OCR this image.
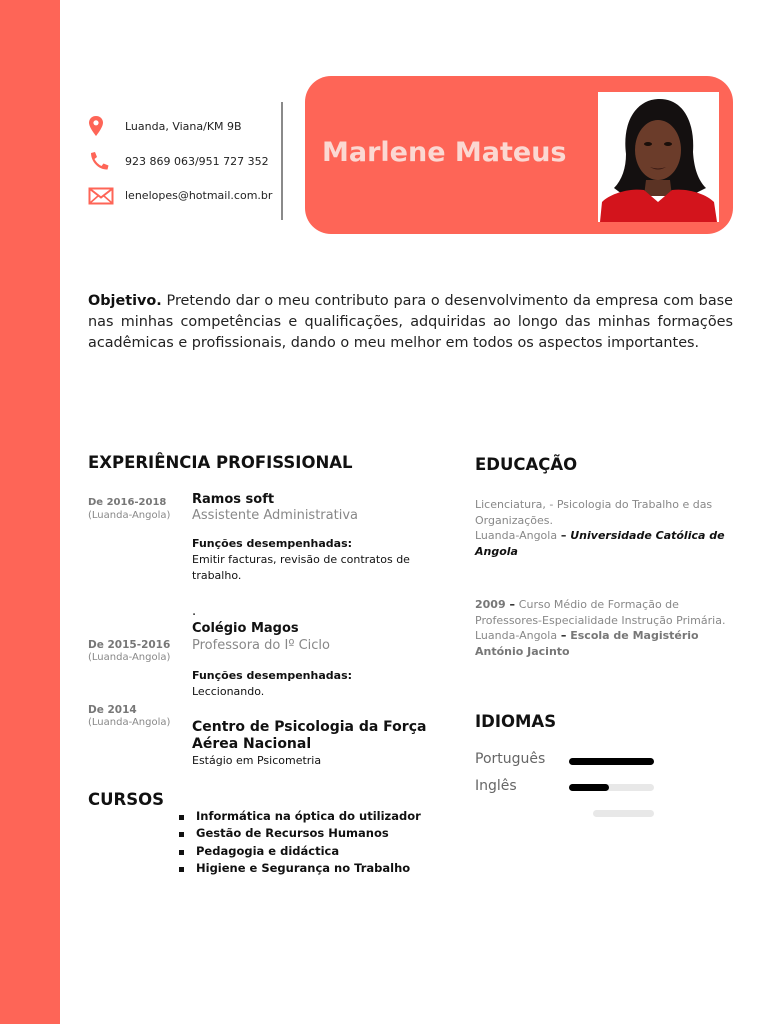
Luanda, Viana/KM 9B
923 869 063/951 727 352
lenelopes@hotmail.com.br
Marlene Mateus
Objetivo. Pretendo dar o meu contributo para o desenvolvimento da empresa com base nas minhas competências e qualificações, adquiridas ao longo das minhas formações acadêmicas e profissionais, dando o meu melhor em todos os aspectos importantes.
EXPERIÊNCIA PROFISSIONAL
De 2016-2018
(Luanda-Angola)
Ramos soft
Assistente Administrativa
Funções desempenhadas:
Emitir facturas, revisão de contratos de trabalho.
.
De 2015-2016
(Luanda-Angola)
Colégio Magos
Professora do Iº Ciclo
Funções desempenhadas:
Leccionando.
De 2014
(Luanda-Angola) Centro de Psicologia da Força
Aérea Nacional
Estágio em Psicometria
CURSOS
Informática na óptica do utilizador
Gestão de Recursos Humanos
Pedagogia e didáctica
Higiene e Segurança no Trabalho
EDUCAÇÃO
Licenciatura, - Psicologia do Trabalho e das Organizações.
Luanda-Angola – Universidade Católica de Angola
2009 – Curso Médio de Formação de Professores-Especialidade Instrução Primária.
Luanda-Angola – Escola de Magistério António Jacinto
IDIOMAS
Português
Inglês
